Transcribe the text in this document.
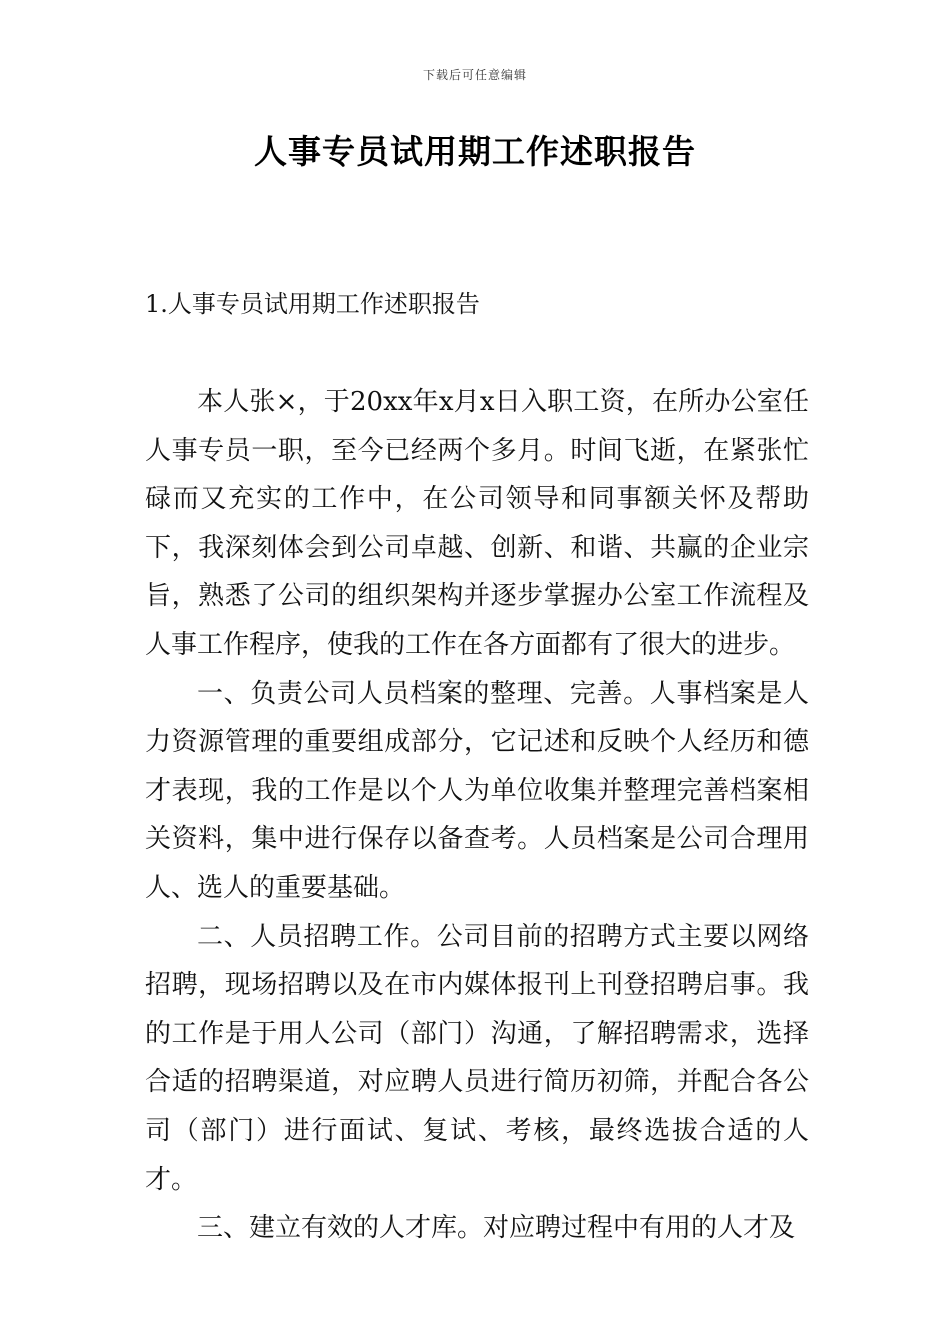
下载后可任意编辑
人事专员试用期工作述职报告
1.人事专员试用期工作述职报告

本人张×，于20xx年x月x日入职工资，在所办公室任人事专员一职，至今已经两个多月。时间飞逝，在紧张忙碌而又充实的工作中，在公司领导和同事额关怀及帮助下，我深刻体会到公司卓越、创新、和谐、共赢的企业宗旨，熟悉了公司的组织架构并逐步掌握办公室工作流程及人事工作程序，使我的工作在各方面都有了很大的进步。

一、负责公司人员档案的整理、完善。人事档案是人力资源管理的重要组成部分，它记述和反映个人经历和德才表现，我的工作是以个人为单位收集并整理完善档案相关资料，集中进行保存以备查考。人员档案是公司合理用人、选人的重要基础。

二、人员招聘工作。公司目前的招聘方式主要以网络招聘，现场招聘以及在市内媒体报刊上刊登招聘启事。我的工作是于用人公司（部门）沟通，了解招聘需求，选择合适的招聘渠道，对应聘人员进行简历初筛，并配合各公司（部门）进行面试、复试、考核，最终选拔合适的人才。

三、建立有效的人才库。对应聘过程中有用的人才及
